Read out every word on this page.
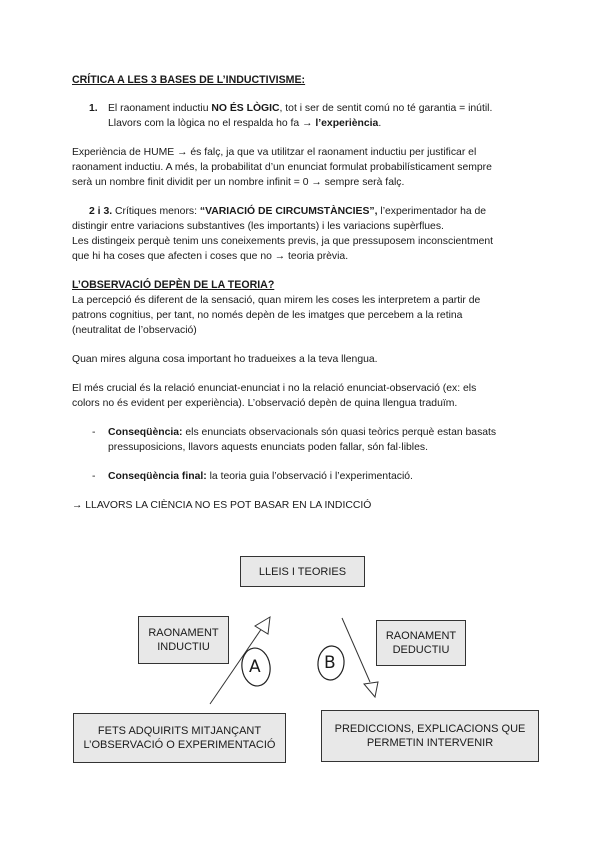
CRÍTICA A LES 3 BASES DE L’INDUCTIVISME:
1. El raonament inductiu NO ÉS LÒGIC, tot i ser de sentit comú no té garantia = inútil.
Llavors com la lògica no el respalda ho fa → l’experiència.
Experiència de HUME → és falç, ja que va utilitzar el raonament inductiu per justificar el
raonament inductiu. A més, la probabilitat d’un enunciat formulat probabilísticament sempre
serà un nombre finit dividit per un nombre infinit = 0 → sempre serà falç.
2 i 3. Crítiques menors: “VARIACIÓ DE CIRCUMSTÀNCIES”, l’experimentador ha de
distingir entre variacions substantives (les importants) i les variacions supèrflues.
Les distingeix perquè tenim uns coneixements previs, ja que pressuposem inconscientment
que hi ha coses que afecten i coses que no → teoria prèvia.
L’OBSERVACIÓ DEPÈN DE LA TEORIA?
La percepció és diferent de la sensació, quan mirem les coses les interpretem a partir de
patrons cognitius, per tant, no només depèn de les imatges que percebem a la retina
(neutralitat de l’observació)
Quan mires alguna cosa important ho tradueixes a la teva llengua.
El més crucial és la relació enunciat-enunciat i no la relació enunciat-observació (ex: els
colors no és evident per experiència). L’observació depèn de quina llengua traduïm.
- Conseqüència: els enunciats observacionals són quasi teòrics perquè estan basats
pressuposicions, llavors aquests enunciats poden fallar, són fal·libles.
- Conseqüència final: la teoria guia l’observació i l’experimentació.
→ LLAVORS LA CIÈNCIA NO ES POT BASAR EN LA INDICCIÓ
LLEIS I TEORIES
RAONAMENT
INDUCTIU
RAONAMENT
DEDUCTIU
FETS ADQUIRITS MITJANÇANT
L’OBSERVACIÓ O EXPERIMENTACIÓ
PREDICCIONS, EXPLICACIONS QUE
PERMETIN INTERVENIR
A	B
